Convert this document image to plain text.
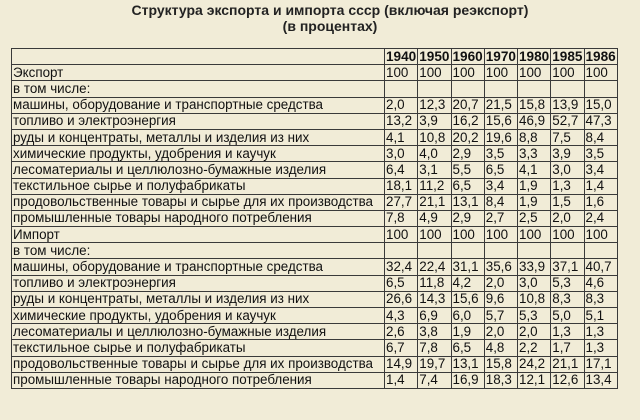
Структура экспорта и импорта ссср (включая реэкспорт)
(в процентах)
	1940	1950	1960	1970	1980	1985	1986
Экспорт	100	100	100	100	100	100	100
в том числе:							
машины, оборудование и транспортные средства	2,0	12,3	20,7	21,5	15,8	13,9	15,0
топливо и электроэнергия	13,2	3,9	16,2	15,6	46,9	52,7	47,3
руды и концентраты, металлы и изделия из них	4,1	10,8	20,2	19,6	8,8	7,5	8,4
химические продукты, удобрения и каучук	3,0	4,0	2,9	3,5	3,3	3,9	3,5
лесоматериалы и целлюлозно-бумажные изделия	6,4	3,1	5,5	6,5	4,1	3,0	3,4
текстильное сырье и полуфабрикаты	18,1	11,2	6,5	3,4	1,9	1,3	1,4
продовольственные товары и сырье для их производства	27,7	21,1	13,1	8,4	1,9	1,5	1,6
промышленные товары народного потребления	7,8	4,9	2,9	2,7	2,5	2,0	2,4
Импорт	100	100	100	100	100	100	100
в том числе:							
машины, оборудование и транспортные средства	32,4	22,4	31,1	35,6	33,9	37,1	40,7
топливо и электроэнергия	6,5	11,8	4,2	2,0	3,0	5,3	4,6
руды и концентраты, металлы и изделия из них	26,6	14,3	15,6	9,6	10,8	8,3	8,3
химические продукты, удобрения и каучук	4,3	6,9	6,0	5,7	5,3	5,0	5,1
лесоматериалы и целлюлозно-бумажные изделия	2,6	3,8	1,9	2,0	2,0	1,3	1,3
текстильное сырье и полуфабрикаты	6,7	7,8	6,5	4,8	2,2	1,7	1,3
продовольственные товары и сырье для их производства	14,9	19,7	13,1	15,8	24,2	21,1	17,1
промышленные товары народного потребления	1,4	7,4	16,9	18,3	12,1	12,6	13,4
